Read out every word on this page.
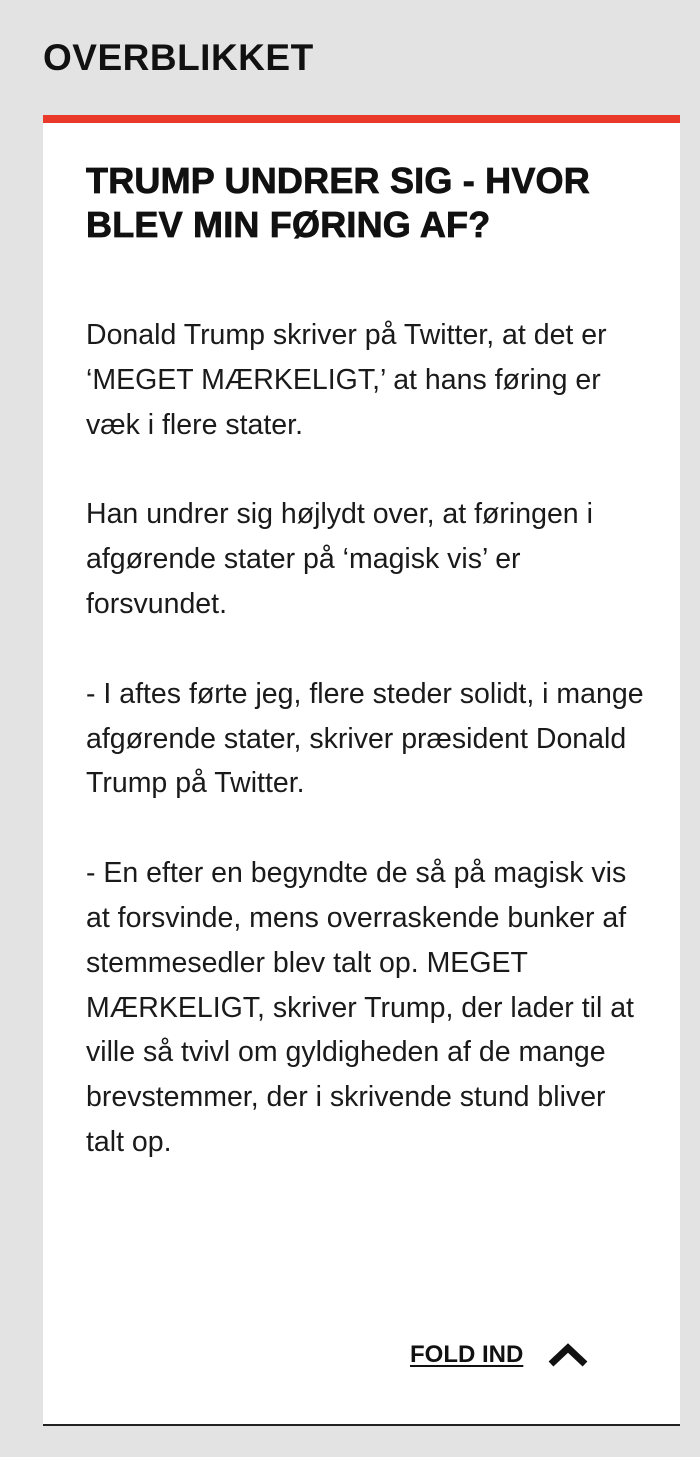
OVERBLIKKET
TRUMP UNDRER SIG - HVOR BLEV MIN FØRING AF?

Donald Trump skriver på Twitter, at det er ‘MEGET MÆRKELIGT,’ at hans føring er væk i flere stater.

Han undrer sig højlydt over, at føringen i afgørende stater på ‘magisk vis’ er forsvundet.

- I aftes førte jeg, flere steder solidt, i mange afgørende stater, skriver præsident Donald Trump på Twitter.

- En efter en begyndte de så på magisk vis at forsvinde, mens overraskende bunker af stemmesedler blev talt op. MEGET MÆRKELIGT, skriver Trump, der lader til at ville så tvivl om gyldigheden af de mange brevstemmer, der i skrivende stund bliver talt op.

FOLD IND
